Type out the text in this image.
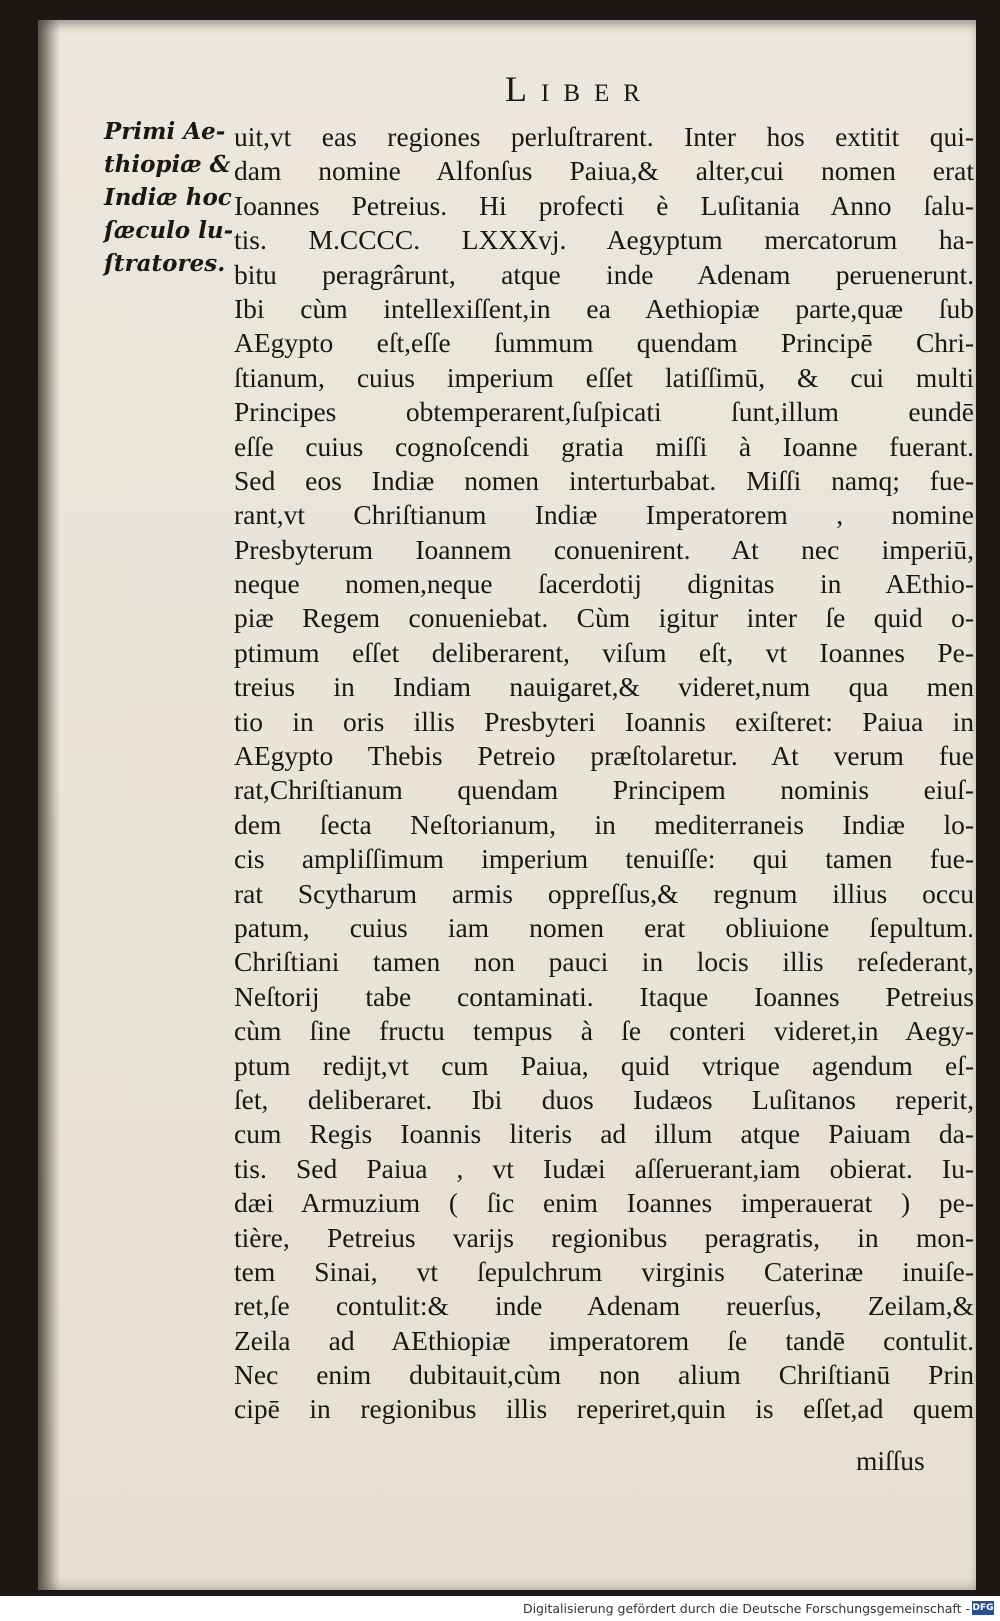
Liber
Primi Ae-
thiopiæ &
Indiæ hoc
ſæculo lu-
ſtratores.
uit,vt eas regiones perluſtrarent. Inter hos extitit qui-
dam nomine Alfonſus Paiua,& alter,cui nomen erat
Ioannes Petreius. Hi profecti è Luſitania Anno ſalu-
tis. M.CCCC. LXXXvj. Aegyptum mercatorum ha-
bitu peragrârunt, atque inde Adenam peruenerunt.
Ibi cùm intellexiſſent,in ea Aethiopiæ parte,quæ ſub
AEgypto eſt,eſſe ſummum quendam Principē Chri-
ſtianum, cuius imperium eſſet latiſſimū, & cui multi
Principes obtemperarent,ſuſpicati ſunt,illum eundē
eſſe cuius cognoſcendi gratia miſſi à Ioanne fuerant.
Sed eos Indiæ nomen interturbabat. Miſſi namq; fue-
rant,vt Chriſtianum Indiæ Imperatorem , nomine
Presbyterum Ioannem conuenirent. At nec imperiū,
neque nomen,neque ſacerdotij dignitas in AEthio-
piæ Regem conueniebat. Cùm igitur inter ſe quid o-
ptimum eſſet deliberarent, viſum eſt, vt Ioannes Pe-
treius in Indiam nauigaret,& videret,num qua men
tio in oris illis Presbyteri Ioannis exiſteret: Paiua in
AEgypto Thebis Petreio præſtolaretur. At verum fue
rat,Chriſtianum quendam Principem nominis eiuſ-
dem ſecta Neſtorianum, in mediterraneis Indiæ lo-
cis ampliſſimum imperium tenuiſſe: qui tamen fue-
rat Scytharum armis oppreſſus,& regnum illius occu
patum, cuius iam nomen erat obliuione ſepultum.
Chriſtiani tamen non pauci in locis illis reſederant,
Neſtorij tabe contaminati. Itaque Ioannes Petreius
cùm ſine fructu tempus à ſe conteri videret,in Aegy-
ptum redijt,vt cum Paiua, quid vtrique agendum eſ-
ſet, deliberaret. Ibi duos Iudæos Luſitanos reperit,
cum Regis Ioannis literis ad illum atque Paiuam da-
tis. Sed Paiua , vt Iudæi aſſeruerant,iam obierat. Iu-
dæi Armuzium ( ſic enim Ioannes imperauerat ) pe-
tière, Petreius varijs regionibus peragratis, in mon-
tem Sinai, vt ſepulchrum virginis Caterinæ inuiſe-
ret,ſe contulit:& inde Adenam reuerſus, Zeilam,&
Zeila ad AEthiopiæ imperatorem ſe tandē contulit.
Nec enim dubitauit,cùm non alium Chriſtianū Prin
cipē in regionibus illis reperiret,quin is eſſet,ad quem
miſſus
Digitalisierung gefördert durch die Deutsche Forschungsgemeinschaft - DFG
